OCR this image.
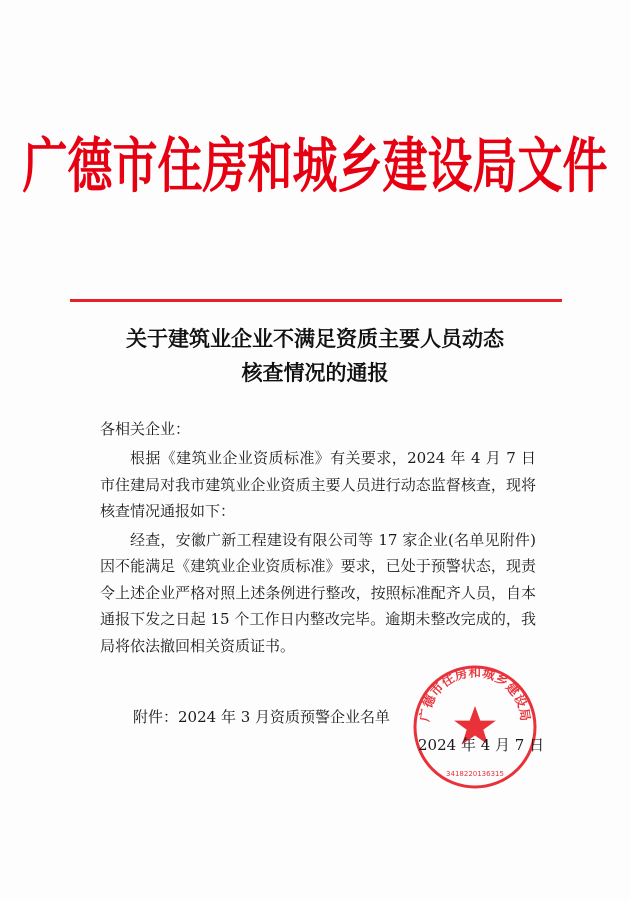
广德市住房和城乡建设局文件
关于建筑业企业不满足资质主要人员动态
核查情况的通报
各相关企业：

根据《建筑业企业资质标准》有关要求，2024 年 4 月 7 日市住建局对我市建筑业企业资质主要人员进行动态监督核查，现将核查情况通报如下：

经查，安徽广新工程建设有限公司等 17 家企业(名单见附件)因不能满足《建筑业企业资质标准》要求，已处于预警状态，现责令上述企业严格对照上述条例进行整改，按照标准配齐人员，自本通报下发之日起 15 个工作日内整改完毕。逾期未整改完成的，我局将依法撤回相关资质证书。

附件：2024 年 3 月资质预警企业名单 广德市住房和城乡建设局
3418220136315
2024 年 4 月 7 日
